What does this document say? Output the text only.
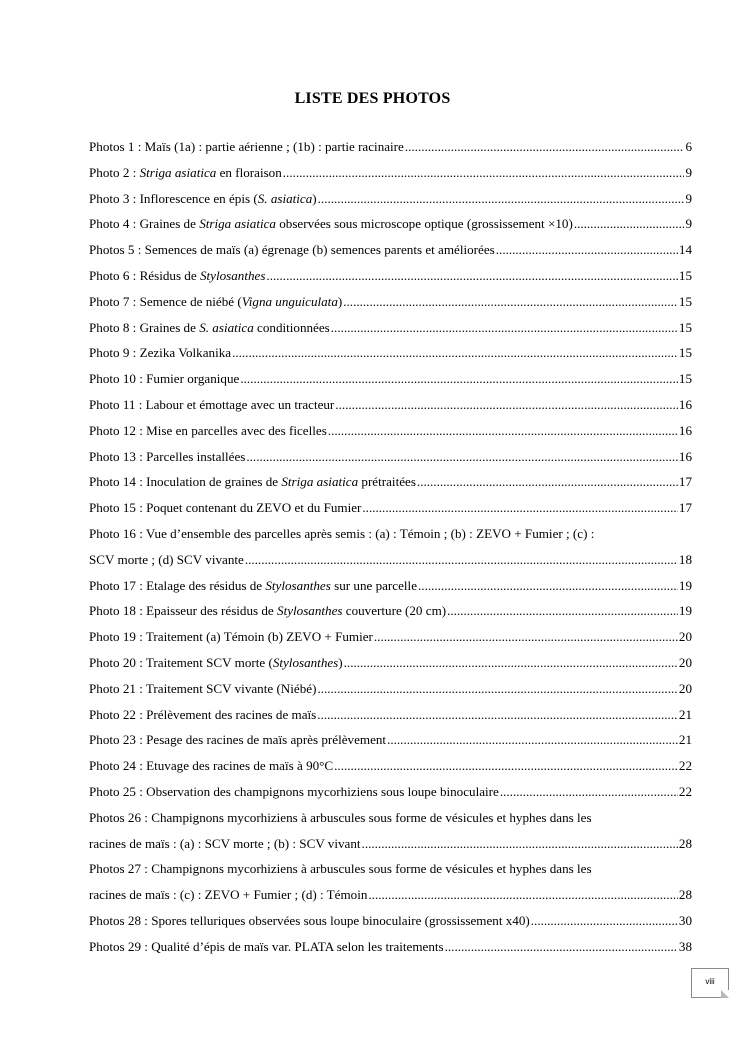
LISTE DES PHOTOS
Photos 1 : Maïs (1a) : partie aérienne ; (1b) : partie racinaire .....	6
Photo 2 : Striga asiatica en floraison .....	9
Photo 3 : Inflorescence en épis (S. asiatica) .....	9
Photo 4 : Graines de Striga asiatica observées sous microscope optique (grossissement ×10) .....	9
Photos 5 : Semences de maïs (a) égrenage (b) semences parents et améliorées .....	14
Photo 6 : Résidus de Stylosanthes .....	15
Photo 7 : Semence de niébé (Vigna unguiculata) .....	15
Photo 8 : Graines de S. asiatica conditionnées .....	15
Photo 9 : Zezika Volkanika .....	15
Photo 10 : Fumier organique .....	15
Photo 11 : Labour et émottage avec un tracteur .....	16
Photo 12 : Mise en parcelles avec des ficelles .....	16
Photo 13 : Parcelles installées .....	16
Photo 14 : Inoculation de graines de Striga asiatica prétraitées .....	17
Photo 15 : Poquet contenant du ZEVO et du Fumier .....	17
Photo 16 : Vue d’ensemble des parcelles après semis : (a) : Témoin ; (b) : ZEVO + Fumier ; (c) :
SCV morte ; (d) SCV vivante .....	18
Photo 17 : Etalage des résidus de Stylosanthes sur une parcelle .....	19
Photo 18 : Epaisseur des résidus de Stylosanthes couverture (20 cm) .....	19
Photo 19 : Traitement (a) Témoin (b) ZEVO + Fumier .....	20
Photo 20 : Traitement SCV morte (Stylosanthes) .....	20
Photo 21 : Traitement SCV vivante (Niébé) .....	20
Photo 22 : Prélèvement des racines de maïs .....	21
Photo 23 : Pesage des racines de maïs après prélèvement .....	21
Photo 24 : Etuvage des racines de maïs à 90°C .....	22
Photo 25 : Observation des champignons mycorhiziens sous loupe binoculaire .....	22
Photos 26 : Champignons mycorhiziens à arbuscules sous forme de vésicules et hyphes dans les
racines de maïs : (a) : SCV morte ; (b) : SCV vivant .....	28
Photos 27 : Champignons mycorhiziens à arbuscules sous forme de vésicules et hyphes dans les
racines de maïs : (c) : ZEVO + Fumier ; (d) : Témoin .....	28
Photos 28 : Spores telluriques observées sous loupe binoculaire (grossissement x40) .....	30
Photos 29 : Qualité d’épis de maïs var. PLATA selon les traitements .....	38
viii
